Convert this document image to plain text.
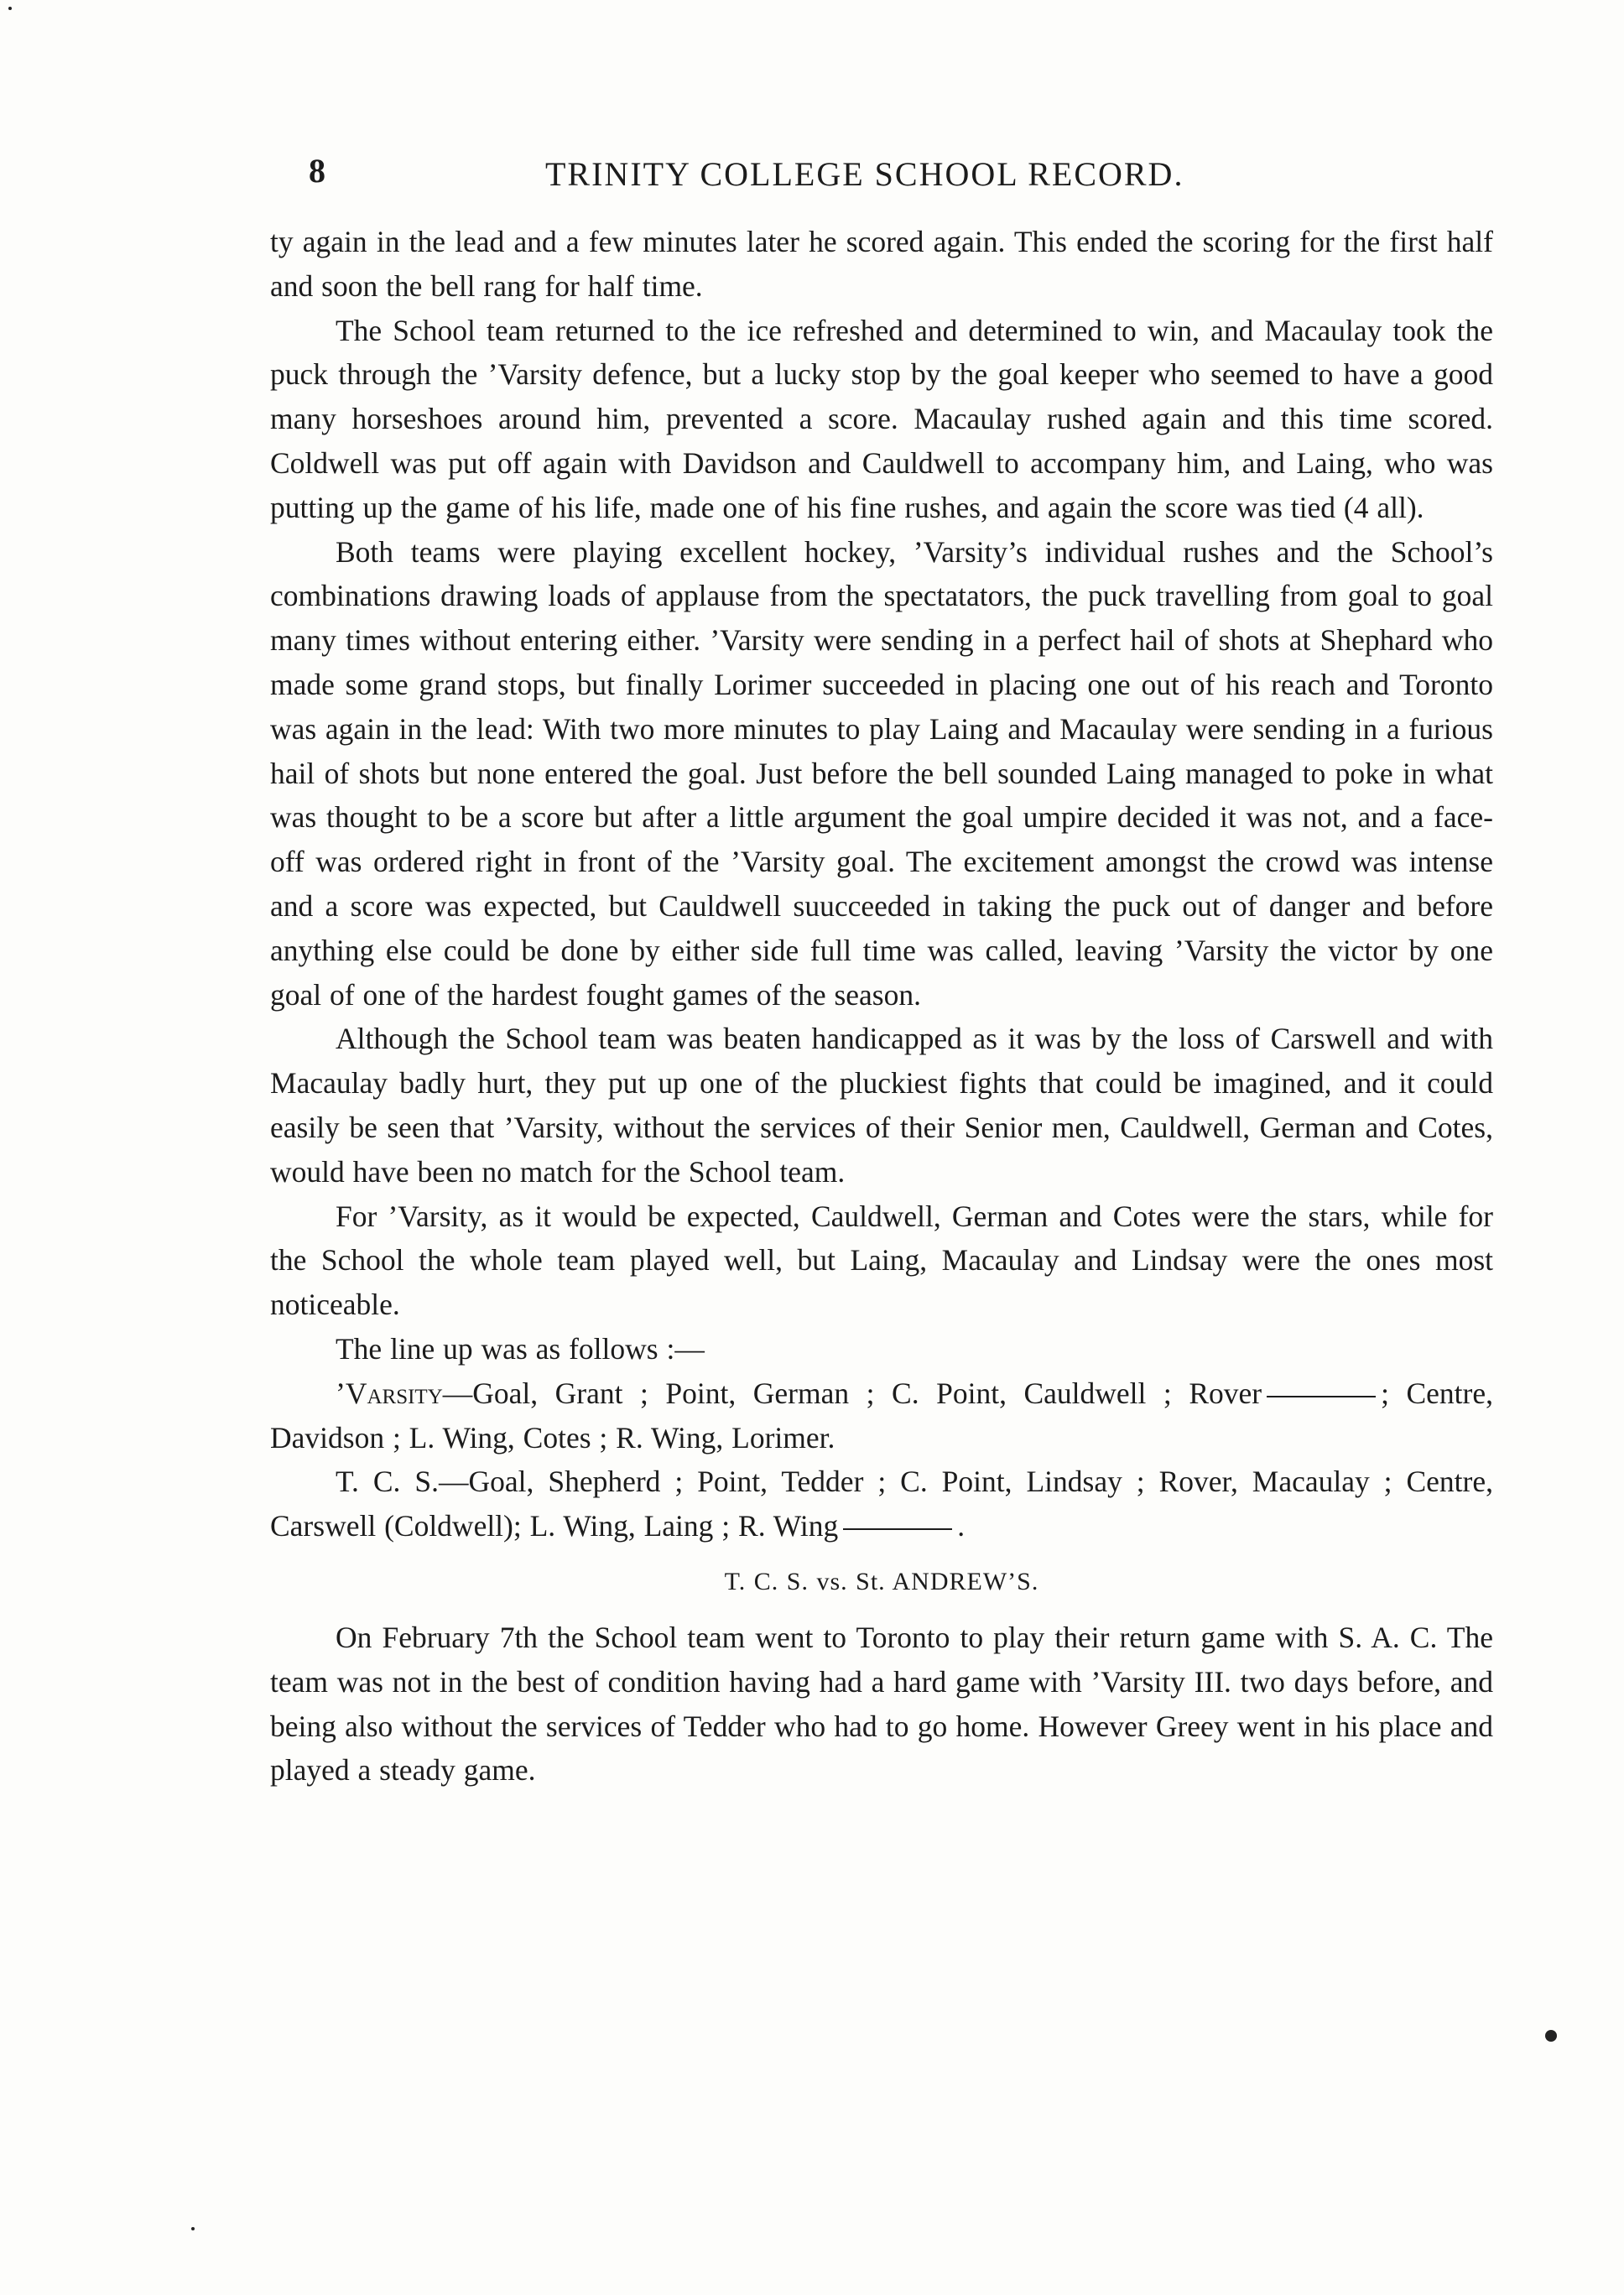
8	TRINITY COLLEGE SCHOOL RECORD.

ty again in the lead and a few minutes later he scored again. This ended the scoring for the first half and soon the bell rang for half time.

The School team returned to the ice refreshed and determined to win, and Macaulay took the puck through the ’Varsity defence, but a lucky stop by the goal keeper who seemed to have a good many horseshoes around him, prevented a score. Macaulay rushed again and this time scored. Coldwell was put off again with Davidson and Cauldwell to accompany him, and Laing, who was putting up the game of his life, made one of his fine rushes, and again the score was tied (4 all).

Both teams were playing excellent hockey, ’Varsity’s individual rushes and the School’s combinations drawing loads of applause from the spectatators, the puck travelling from goal to goal many times without entering either. ’Varsity were sending in a perfect hail of shots at Shephard who made some grand stops, but finally Lorimer succeeded in placing one out of his reach and Toronto was again in the lead: With two more minutes to play Laing and Macaulay were sending in a furious hail of shots but none entered the goal. Just before the bell sounded Laing managed to poke in what was thought to be a score but after a little argument the goal umpire decided it was not, and a face-off was ordered right in front of the ’Varsity goal. The excitement amongst the crowd was intense and a score was expected, but Cauldwell suucceeded in taking the puck out of danger and before anything else could be done by either side full time was called, leaving ’Varsity the victor by one goal of one of the hardest fought games of the season.

Although the School team was beaten handicapped as it was by the loss of Carswell and with Macaulay badly hurt, they put up one of the pluckiest fights that could be imagined, and it could easily be seen that ’Varsity, without the services of their Senior men, Cauldwell, German and Cotes, would have been no match for the School team.

For ’Varsity, as it would be expected, Cauldwell, German and Cotes were the stars, while for the School the whole team played well, but Laing, Macaulay and Lindsay were the ones most noticeable.

The line up was as follows :—

’Varsity—Goal, Grant ; Point, German ; C. Point, Cauldwell ; Rover	; Centre, Davidson ; L. Wing, Cotes ; R. Wing, Lorimer.

T. C. S.—Goal, Shepherd ; Point, Tedder ; C. Point, Lindsay ; Rover, Macaulay ; Centre, Carswell (Coldwell); L. Wing, Laing ; R. Wing	.

T. C. S. vs. St. ANDREW’S.

On February 7th the School team went to Toronto to play their return game with S. A. C. The team was not in the best of condition having had a hard game with ’Varsity III. two days before, and being also without the services of Tedder who had to go home. However Greey went in his place and played a steady game.
